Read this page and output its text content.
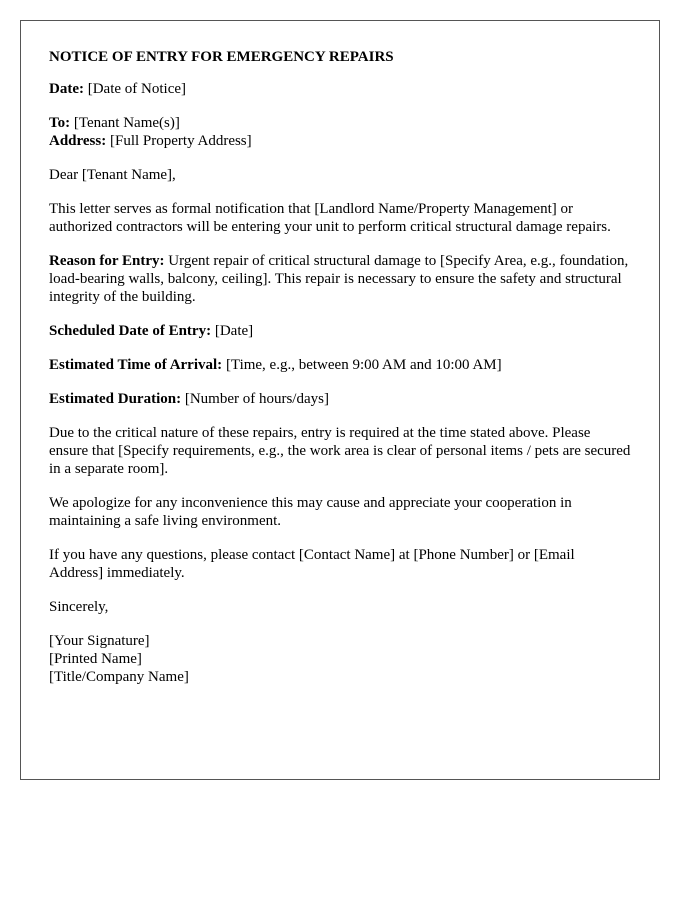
NOTICE OF ENTRY FOR EMERGENCY REPAIRS

Date: [Date of Notice]

To: [Tenant Name(s)]
Address: [Full Property Address]

Dear [Tenant Name],

This letter serves as formal notification that [Landlord Name/Property Management] or authorized contractors will be entering your unit to perform critical structural damage repairs.

Reason for Entry: Urgent repair of critical structural damage to [Specify Area, e.g., foundation, load-bearing walls, balcony, ceiling]. This repair is necessary to ensure the safety and structural integrity of the building.

Scheduled Date of Entry: [Date]

Estimated Time of Arrival: [Time, e.g., between 9:00 AM and 10:00 AM]

Estimated Duration: [Number of hours/days]

Due to the critical nature of these repairs, entry is required at the time stated above. Please ensure that [Specify requirements, e.g., the work area is clear of personal items / pets are secured in a separate room].

We apologize for any inconvenience this may cause and appreciate your cooperation in maintaining a safe living environment.

If you have any questions, please contact [Contact Name] at [Phone Number] or [Email Address] immediately.

Sincerely,

[Your Signature]

[Printed Name]

[Title/Company Name]
